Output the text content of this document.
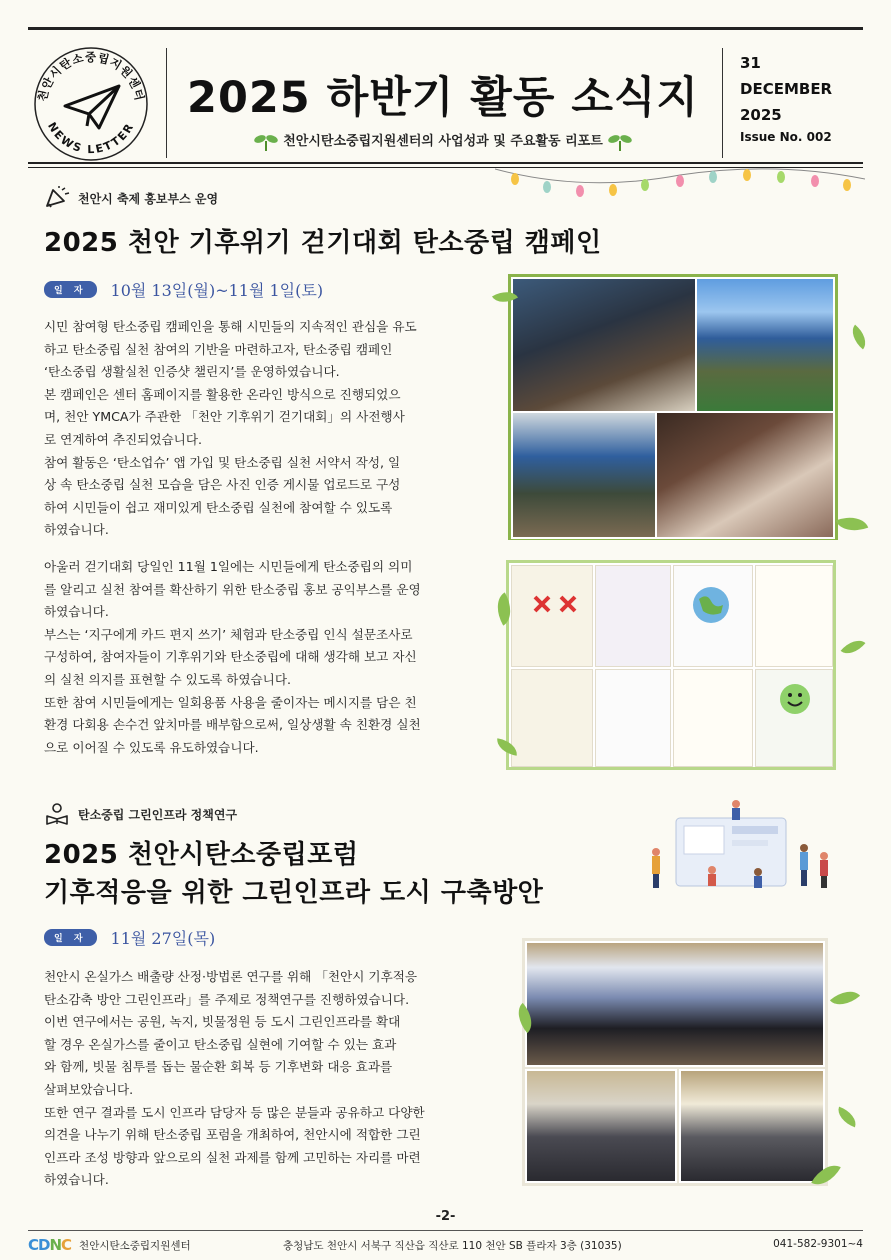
천안시탄소중립지원센터
NEWS LETTER
2025 하반기 활동 소식지
천안시탄소중립지원센터의 사업성과 및 주요활동 리포트
31
DECEMBER
2025
Issue No. 002
천안시 축제 홍보부스 운영
2025 천안 기후위기 걷기대회 탄소중립 캠페인
일 자	10월 13일(월)~11월 1일(토)

시민 참여형 탄소중립 캠페인을 통해 시민들의 지속적인 관심을 유도
하고 탄소중립 실천 참여의 기반을 마련하고자, 탄소중립 캠페인
‘탄소중립 생활실천 인증샷 챌린지’를 운영하였습니다.
본 캠페인은 센터 홈페이지를 활용한 온라인 방식으로 진행되었으
며, 천안 YMCA가 주관한 「천안 기후위기 걷기대회」의 사전행사
로 연계하여 추진되었습니다.
참여 활동은 ‘탄소업슈’ 앱 가입 및 탄소중립 실천 서약서 작성, 일
상 속 탄소중립 실천 모습을 담은 사진 인증 게시물 업로드로 구성
하여 시민들이 쉽고 재미있게 탄소중립 실천에 참여할 수 있도록
하였습니다.

아울러 걷기대회 당일인 11월 1일에는 시민들에게 탄소중립의 의미
를 알리고 실천 참여를 확산하기 위한 탄소중립 홍보 공익부스를 운영
하였습니다.
부스는 ‘지구에게 카드 편지 쓰기’ 체험과 탄소중립 인식 설문조사로
구성하여, 참여자들이 기후위기와 탄소중립에 대해 생각해 보고 자신
의 실천 의지를 표현할 수 있도록 하였습니다.
또한 참여 시민들에게는 일회용품 사용을 줄이자는 메시지를 담은 친
환경 다회용 손수건 앞치마를 배부함으로써, 일상생활 속 친환경 실천
으로 이어질 수 있도록 유도하였습니다.

탄소중립 그린인프라 정책연구
2025 천안시탄소중립포럼
기후적응을 위한 그린인프라 도시 구축방안
일 자	11월 27일(목)

천안시 온실가스 배출량 산정·방법론 연구를 위해 「천안시 기후적응
탄소감축 방안 그린인프라」를 주제로 정책연구를 진행하였습니다.
이번 연구에서는 공원, 녹지, 빗물정원 등 도시 그린인프라를 확대
할 경우 온실가스를 줄이고 탄소중립 실현에 기여할 수 있는 효과
와 함께, 빗물 침투를 돕는 물순환 회복 등 기후변화 대응 효과를
살펴보았습니다.
또한 연구 결과를 도시 인프라 담당자 등 많은 분들과 공유하고 다양한
의견을 나누기 위해 탄소중립 포럼을 개최하여, 천안시에 적합한 그린
인프라 조성 방향과 앞으로의 실천 과제를 함께 고민하는 자리를 마련
하였습니다.

-2-
CDNC 천안시탄소중립지원센터	충청남도 천안시 서북구 직산읍 직산로 110 천안 SB 플라자 3층 (31035)	041-582-9301~4
